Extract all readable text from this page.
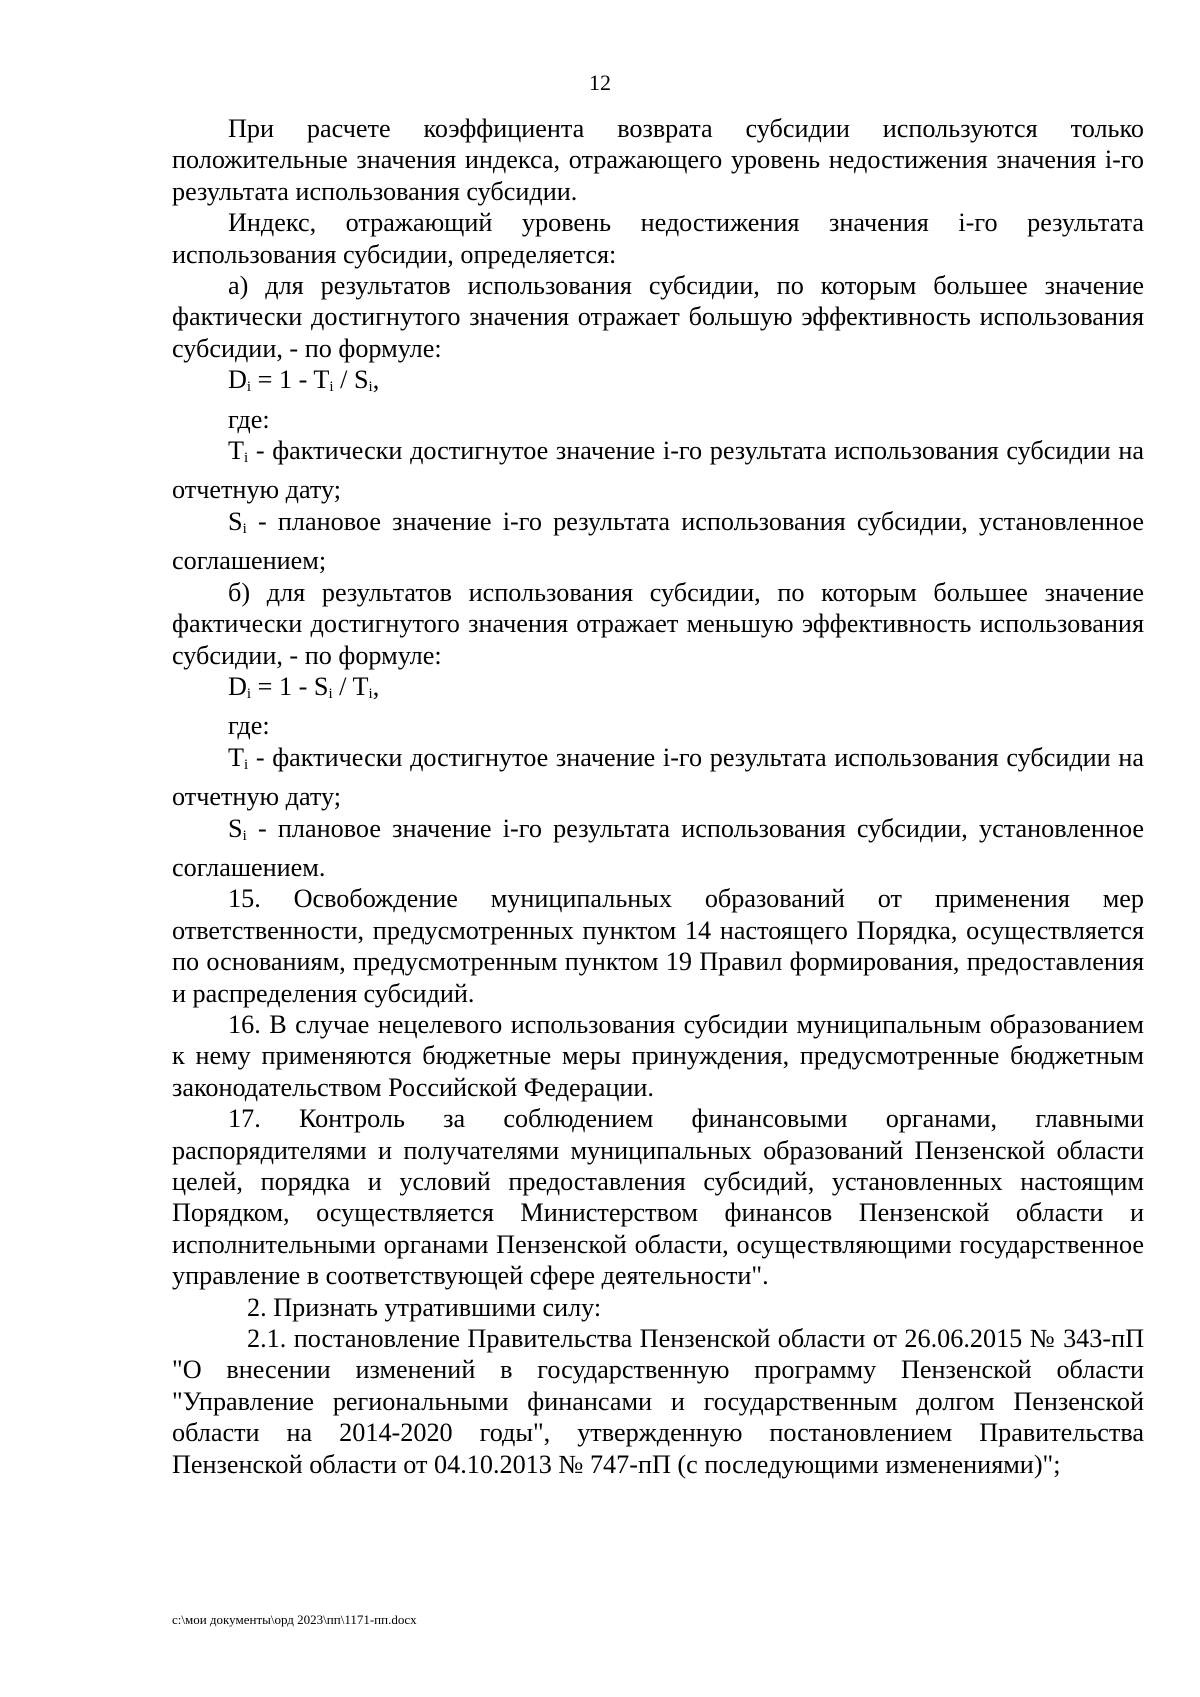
12

При расчете коэффициента возврата субсидии используются только положительные значения индекса, отражающего уровень недостижения значения i-го результата использования субсидии.

Индекс, отражающий уровень недостижения значения i-го результата использования субсидии, определяется:

а) для результатов использования субсидии, по которым большее значение фактически достигнутого значения отражает большую эффективность использования субсидии, - по формуле:

$D_i = 1 - T_i / S_i$,

где:

$T_i$ - фактически достигнутое значение i-го результата использования субсидии на отчетную дату;

$S_i$ - плановое значение i-го результата использования субсидии, установленное соглашением;

б) для результатов использования субсидии, по которым большее значение фактически достигнутого значения отражает меньшую эффективность использования субсидии, - по формуле:

$D_i = 1 - S_i / T_i$,

где:

$T_i$ - фактически достигнутое значение i-го результата использования субсидии на отчетную дату;

$S_i$ - плановое значение i-го результата использования субсидии, установленное соглашением.

15. Освобождение муниципальных образований от применения мер ответственности, предусмотренных пунктом 14 настоящего Порядка, осуществляется по основаниям, предусмотренным пунктом 19 Правил формирования, предоставления и распределения субсидий.

16. В случае нецелевого использования субсидии муниципальным образованием к нему применяются бюджетные меры принуждения, предусмотренные бюджетным законодательством Российской Федерации.

17. Контроль за соблюдением финансовыми органами, главными распорядителями и получателями муниципальных образований Пензенской области целей, порядка и условий предоставления субсидий, установленных настоящим Порядком, осуществляется Министерством финансов Пензенской области и исполнительными органами Пензенской области, осуществляющими государственное управление в соответствующей сфере деятельности".

2. Признать утратившими силу:

2.1. постановление Правительства Пензенской области от 26.06.2015 № 343-пП "О внесении изменений в государственную программу Пензенской области "Управление региональными финансами и государственным долгом Пензенской области на 2014-2020 годы", утвержденную постановлением Правительства Пензенской области от 04.10.2013 № 747-пП (с последующими изменениями)";

c:\мои документы\орд 2023\пп\1171-пп.docx
